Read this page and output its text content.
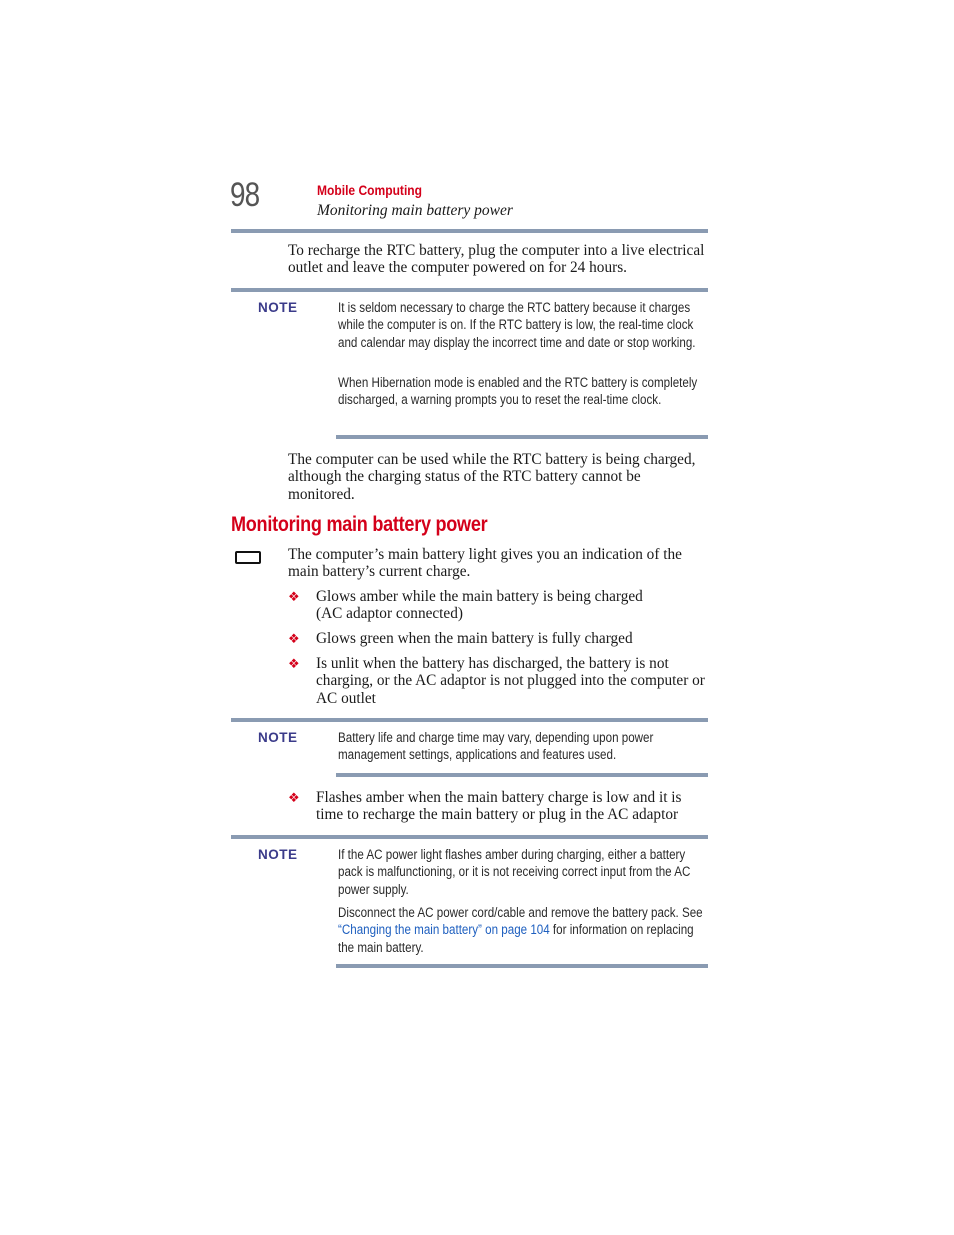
98	Mobile Computing
Monitoring main battery power

To recharge the RTC battery, plug the computer into a live electrical outlet and leave the computer powered on for 24 hours.

NOTE	It is seldom necessary to charge the RTC battery because it charges while the computer is on. If the RTC battery is low, the real-time clock and calendar may display the incorrect time and date or stop working.

When Hibernation mode is enabled and the RTC battery is completely discharged, a warning prompts you to reset the real-time clock.

The computer can be used while the RTC battery is being charged, although the charging status of the RTC battery cannot be monitored.

Monitoring main battery power

The computer’s main battery light gives you an indication of the main battery’s current charge.

❖ Glows amber while the main battery is being charged (AC adaptor connected)

❖ Glows green when the main battery is fully charged

❖ Is unlit when the battery has discharged, the battery is not charging, or the AC adaptor is not plugged into the computer or AC outlet

NOTE	Battery life and charge time may vary, depending upon power management settings, applications and features used.

❖ Flashes amber when the main battery charge is low and it is time to recharge the main battery or plug in the AC adaptor

NOTE	If the AC power light flashes amber during charging, either a battery pack is malfunctioning, or it is not receiving correct input from the AC power supply.

Disconnect the AC power cord/cable and remove the battery pack. See “Changing the main battery” on page 104 for information on replacing the main battery.
